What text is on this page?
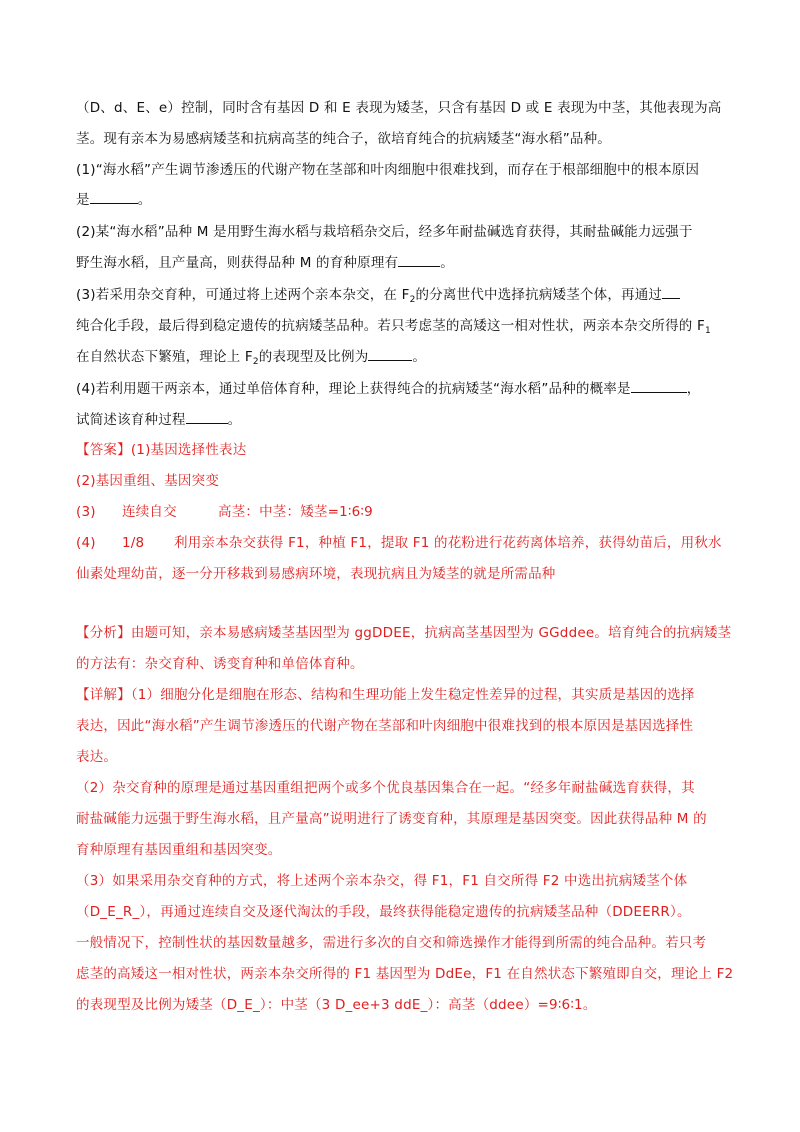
（D、d、E、e）控制，同时含有基因 D 和 E 表现为矮茎，只含有基因 D 或 E 表现为中茎，其他表现为高
茎。现有亲本为易感病矮茎和抗病高茎的纯合子，欲培育纯合的抗病矮茎“海水稻”品种。
(1)“海水稻”产生调节渗透压的代谢产物在茎部和叶肉细胞中很难找到，而存在于根部细胞中的根本原因
是	。
(2)某“海水稻”品种 M 是用野生海水稻与栽培稻杂交后，经多年耐盐碱选育获得，其耐盐碱能力远强于
野生海水稻，且产量高，则获得品种 M 的育种原理有	。
(3)若采用杂交育种，可通过将上述两个亲本杂交，在 $F_2$的分离世代中选择抗病矮茎个体，再通过
纯合化手段，最后得到稳定遗传的抗病矮茎品种。若只考虑茎的高矮这一相对性状，两亲本杂交所得的 $F_1$
在自然状态下繁殖，理论上 $F_2$的表现型及比例为	。
(4)若利用题干两亲本，通过单倍体育种，理论上获得纯合的抗病矮茎“海水稻”品种的概率是	，
试简述该育种过程	。
【答案】(1)基因选择性表达
(2)基因重组、基因突变
(3) 连续自交	高茎：中茎：矮茎=1∶6∶9
(4) 1/8 利用亲本杂交获得 F1，种植 F1，提取 F1 的花粉进行花药离体培养，获得幼苗后，用秋水
仙素处理幼苗，逐一分开移栽到易感病环境，表现抗病且为矮茎的就是所需品种
【分析】由题可知，亲本易感病矮茎基因型为 ggDDEE，抗病高茎基因型为 GGddee。培育纯合的抗病矮茎
的方法有：杂交育种、诱变育种和单倍体育种。
【详解】（1）细胞分化是细胞在形态、结构和生理功能上发生稳定性差异的过程，其实质是基因的选择
表达，因此“海水稻”产生调节渗透压的代谢产物在茎部和叶肉细胞中很难找到的根本原因是基因选择性
表达。
（2）杂交育种的原理是通过基因重组把两个或多个优良基因集合在一起。“经多年耐盐碱选育获得，其
耐盐碱能力远强于野生海水稻，且产量高”说明进行了诱变育种，其原理是基因突变。因此获得品种 M 的
育种原理有基因重组和基因突变。
（3）如果采用杂交育种的方式，将上述两个亲本杂交，得 F1，F1 自交所得 F2 中选出抗病矮茎个体
（D_E_R_），再通过连续自交及逐代淘汰的手段，最终获得能稳定遗传的抗病矮茎品种（DDEERR）。
一般情况下，控制性状的基因数量越多，需进行多次的自交和筛选操作才能得到所需的纯合品种。若只考
虑茎的高矮这一相对性状，两亲本杂交所得的 F1 基因型为 DdEe，F1 在自然状态下繁殖即自交，理论上 F2
的表现型及比例为矮茎（D_E_）：中茎（3 D_ee+3 ddE_）：高茎（ddee）=9∶6∶1。
